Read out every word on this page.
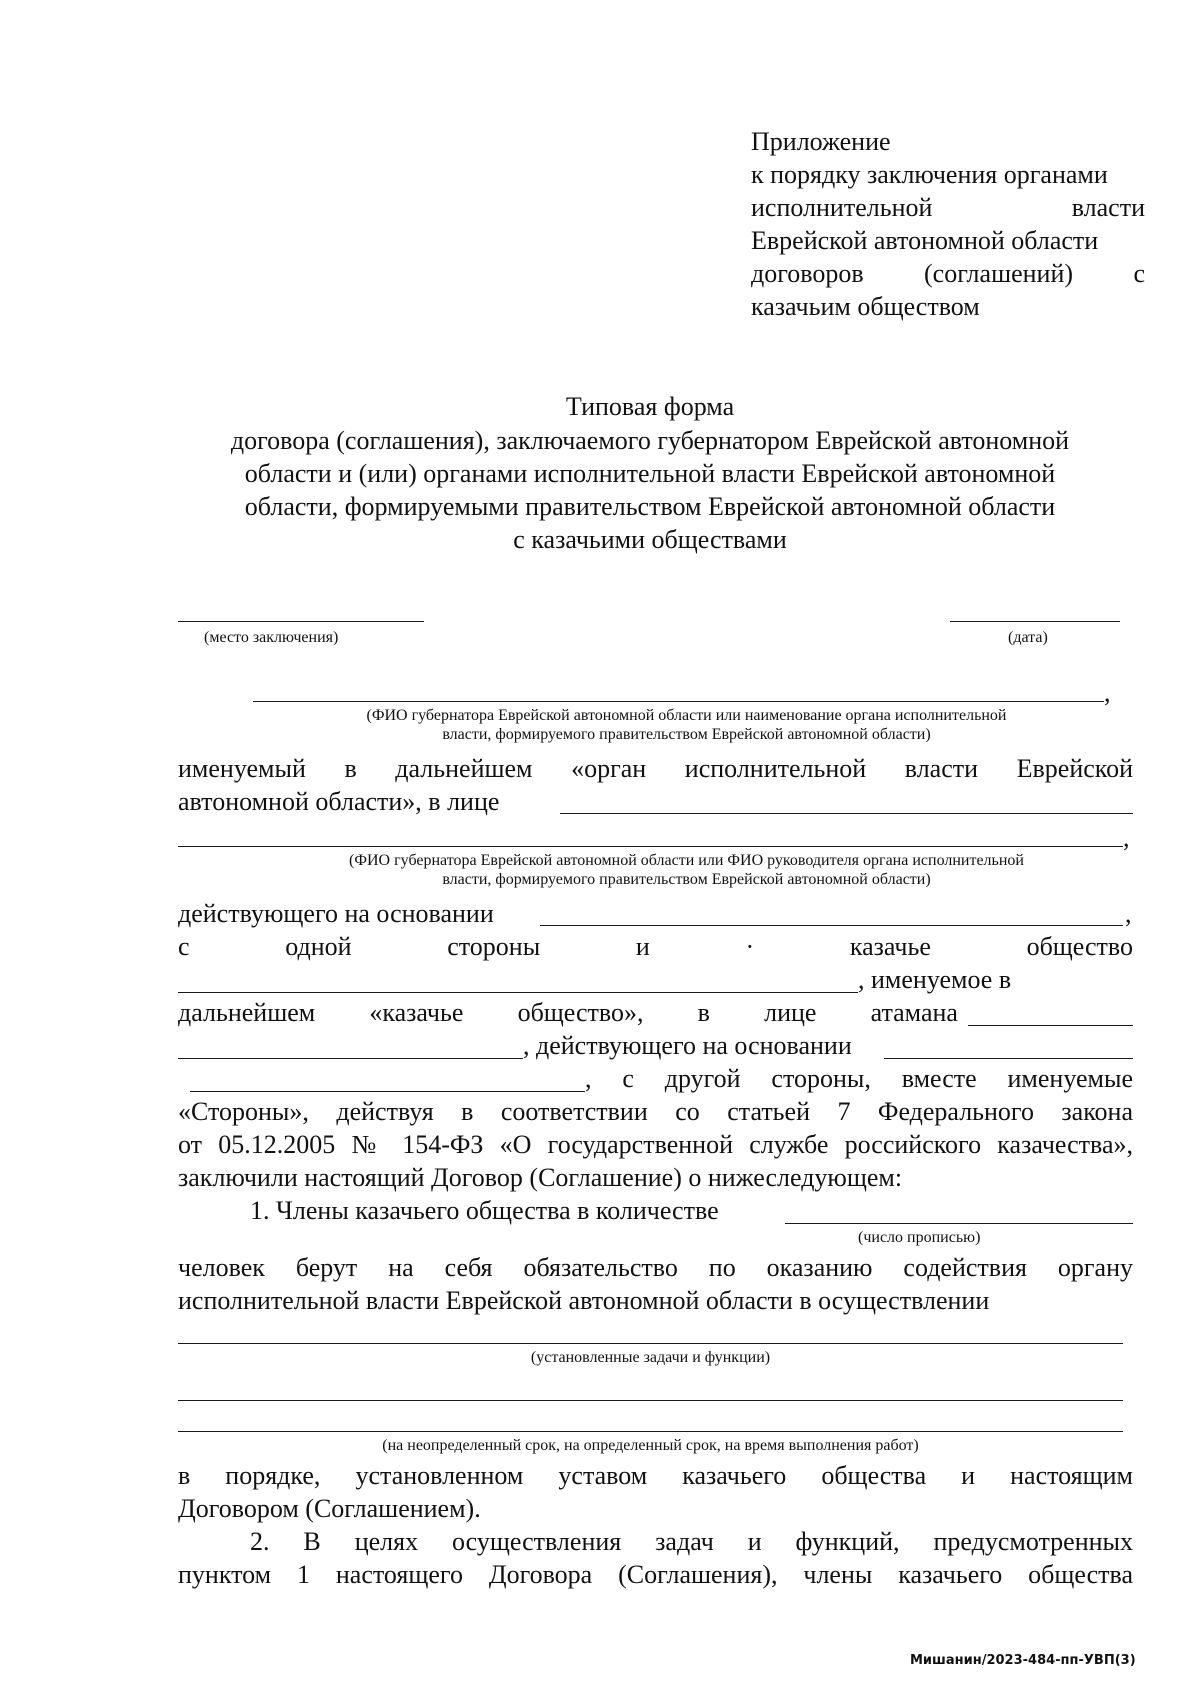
Приложение
к порядку заключения органами
исполнительной	власти
Еврейской автономной области
договоров (соглашений) с
казачьим обществом
Типовая форма
договора (соглашения), заключаемого губернатором Еврейской автономной
области и (или) органами исполнительной власти Еврейской автономной
области, формируемыми правительством Еврейской автономной области
с казачьими обществами
(место заключения)	(дата)
,
(ФИО губернатора Еврейской автономной области или наименование органа исполнительной
власти, формируемого правительством Еврейской автономной области)
именуемый в дальнейшем «орган исполнительной власти Еврейской
автономной области», в лице
,
(ФИО губернатора Еврейской автономной области или ФИО руководителя органа исполнительной
власти, формируемого правительством Еврейской автономной области)
действующего на основании	,
с	одной	стороны	и	·	казачье	общество
, именуемое в
дальнейшем «казачье общество», в лице атамана
, действующего на основании
, с другой стороны, вместе именуемые
«Стороны», действуя в соответствии со статьей 7 Федерального закона
от 05.12.2005 № 154-ФЗ «О государственной службе российского казачества»,
заключили настоящий Договор (Соглашение) о нижеследующем:
1. Члены казачьего общества в количестве
(число прописью)
человек берут на себя обязательство по оказанию содействия органу
исполнительной власти Еврейской автономной области в осуществлении
(установленные задачи и функции)
(на неопределенный срок, на определенный срок, на время выполнения работ)
в порядке, установленном уставом казачьего общества и настоящим
Договором (Соглашением).
2. В целях осуществления задач и функций, предусмотренных
пунктом 1 настоящего Договора (Соглашения), члены казачьего общества
Мишанин/2023-484-пп-УВП(3)
